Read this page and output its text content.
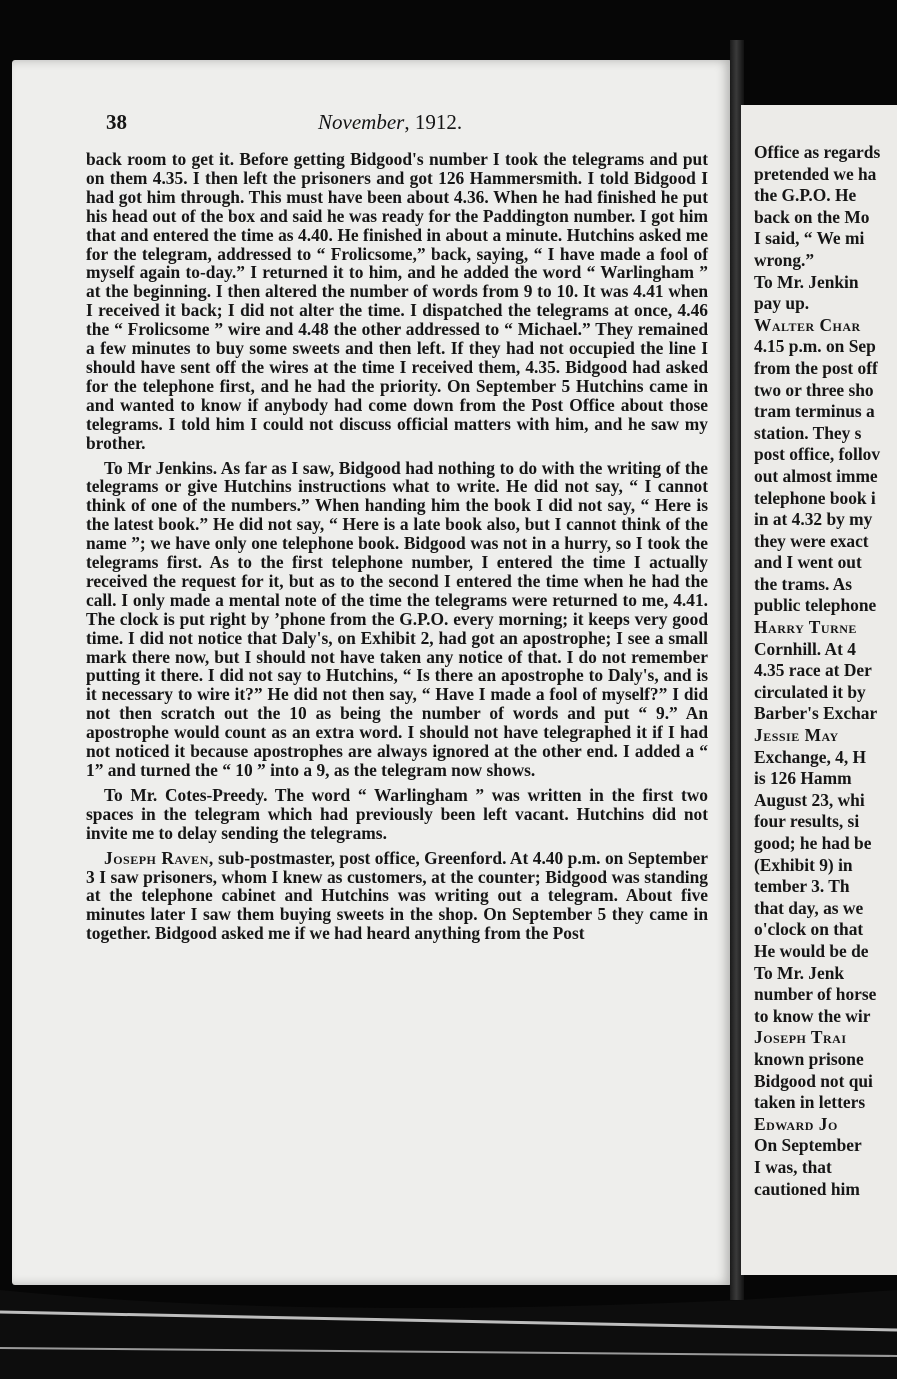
38	November, 1912.

back room to get it. Before getting Bidgood's number I took the telegrams and put on them 4.35. I then left the prisoners and got 126 Hammersmith. I told Bidgood I had got him through. This must have been about 4.36. When he had finished he put his head out of the box and said he was ready for the Paddington number. I got him that and entered the time as 4.40. He finished in about a minute. Hutchins asked me for the telegram, addressed to “ Frolicsome,” back, saying, “ I have made a fool of myself again to-day.” I returned it to him, and he added the word “ Warlingham ” at the beginning. I then altered the number of words from 9 to 10. It was 4.41 when I received it back; I did not alter the time. I dispatched the telegrams at once, 4.46 the “ Frolicsome ” wire and 4.48 the other addressed to “ Michael.” They remained a few minutes to buy some sweets and then left. If they had not occupied the line I should have sent off the wires at the time I received them, 4.35. Bidgood had asked for the telephone first, and he had the priority. On September 5 Hutchins came in and wanted to know if anybody had come down from the Post Office about those telegrams. I told him I could not discuss official matters with him, and he saw my brother.

To Mr Jenkins. As far as I saw, Bidgood had nothing to do with the writing of the telegrams or give Hutchins instructions what to write. He did not say, “ I cannot think of one of the numbers.” When handing him the book I did not say, “ Here is the latest book.” He did not say, “ Here is a late book also, but I cannot think of the name ”; we have only one telephone book. Bidgood was not in a hurry, so I took the telegrams first. As to the first telephone number, I entered the time I actually received the request for it, but as to the second I entered the time when he had the call. I only made a mental note of the time the telegrams were returned to me, 4.41. The clock is put right by ’phone from the G.P.O. every morning; it keeps very good time. I did not notice that Daly's, on Exhibit 2, had got an apostrophe; I see a small mark there now, but I should not have taken any notice of that. I do not remember putting it there. I did not say to Hutchins, “ Is there an apostrophe to Daly's, and is it necessary to wire it?” He did not then say, “ Have I made a fool of myself?” I did not then scratch out the 10 as being the number of words and put “ 9.” An apostrophe would count as an extra word. I should not have telegraphed it if I had not noticed it because apostrophes are always ignored at the other end. I added a “ 1” and turned the “ 10 ” into a 9, as the telegram now shows.

To Mr. Cotes-Preedy. The word “ Warlingham ” was written in the first two spaces in the telegram which had previously been left vacant. Hutchins did not invite me to delay sending the telegrams.

Joseph Raven, sub-postmaster, post office, Greenford. At 4.40 p.m. on September 3 I saw prisoners, whom I knew as customers, at the counter; Bidgood was standing at the telephone cabinet and Hutchins was writing out a telegram. About five minutes later I saw them buying sweets in the shop. On September 5 they came in together. Bidgood asked me if we had heard anything from the Post

Office as regards
pretended we ha
the G.P.O. He
back on the Mo
I said, “ We mi
wrong.”
To Mr. Jenkin
pay up.
Walter Char
4.15 p.m. on Sep
from the post off
two or three sho
tram terminus a
station. They s
post office, follov
out almost imme
telephone book i
in at 4.32 by my
they were exact
and I went out
the trams. As
public telephone
Harry Turne
Cornhill. At 4
4.35 race at Der
circulated it by
Barber's Exchar
Jessie May
Exchange, 4, H
is 126 Hamm
August 23, whi
four results, si
good; he had be
(Exhibit 9) in
tember 3. Th
that day, as we
o'clock on that
He would be de
To Mr. Jenk
number of horse
to know the wir
Joseph Trai
known prisone
Bidgood not qui
taken in letters
Edward Jo
On September
I was, that
cautioned him
